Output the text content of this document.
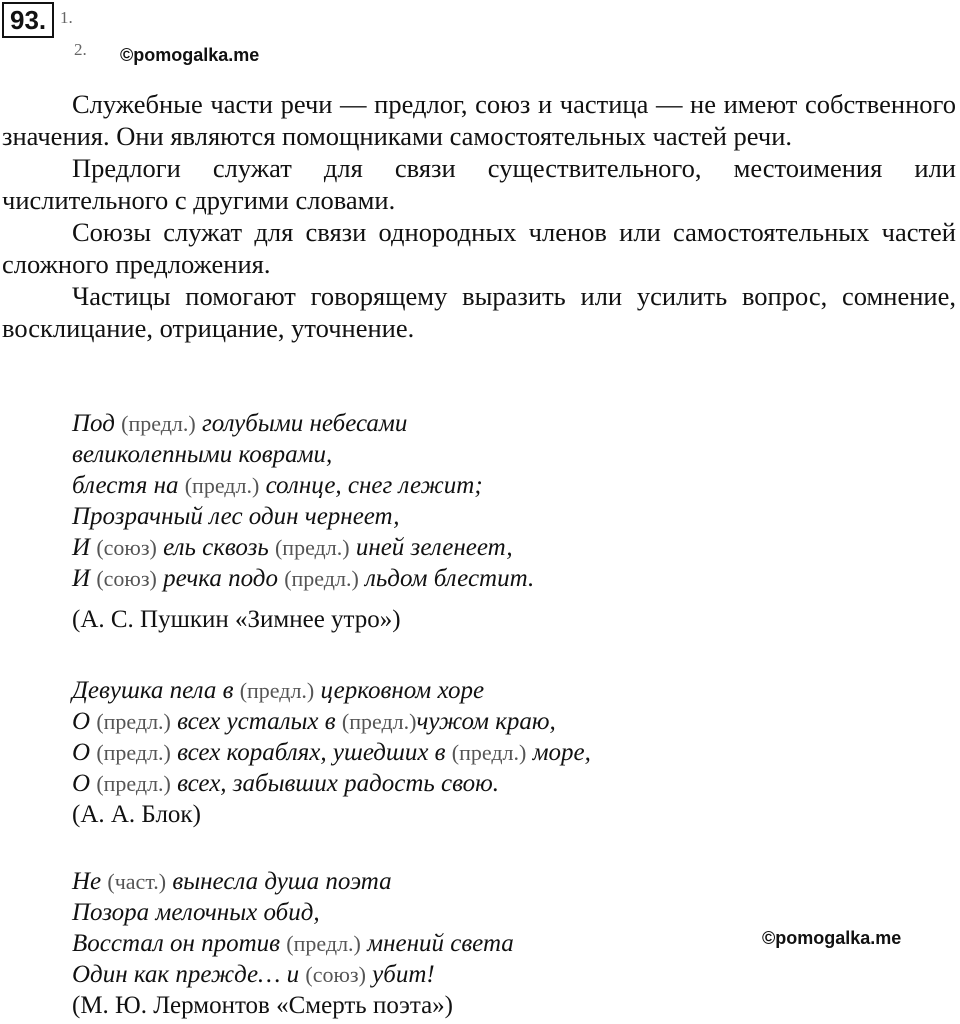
93. 1.
2. ©pomogalka.me

Служебные части речи — предлог, союз и частица — не имеют собственного значения. Они являются помощниками самостоятельных частей речи.

Предлоги служат для связи существительного, местоимения или числительного с другими словами.

Союзы служат для связи однородных членов или самостоятельных частей сложного предложения.

Частицы помогают говорящему выразить или усилить вопрос, сомнение, восклицание, отрицание, уточнение.

Под (предл.) голубыми небесами
великолепными коврами,
блестя на (предл.) солнце, снег лежит;
Прозрачный лес один чернеет,
И (союз) ель сквозь (предл.) иней зеленеет,
И (союз) речка подо (предл.) льдом блестит.
(А. С. Пушкин «Зимнее утро»)
Девушка пела в (предл.) церковном хоре
О (предл.) всех усталых в (предл.)чужом краю,
О (предл.) всех кораблях, ушедших в (предл.) море,
О (предл.) всех, забывших радость свою.
(А. А. Блок)
Не (част.) вынесла душа поэта
Позора мелочных обид,
Восстал он против (предл.) мнений света
Один как прежде… и (союз) убит!
(М. Ю. Лермонтов «Смерть поэта»)
©pomogalka.me
